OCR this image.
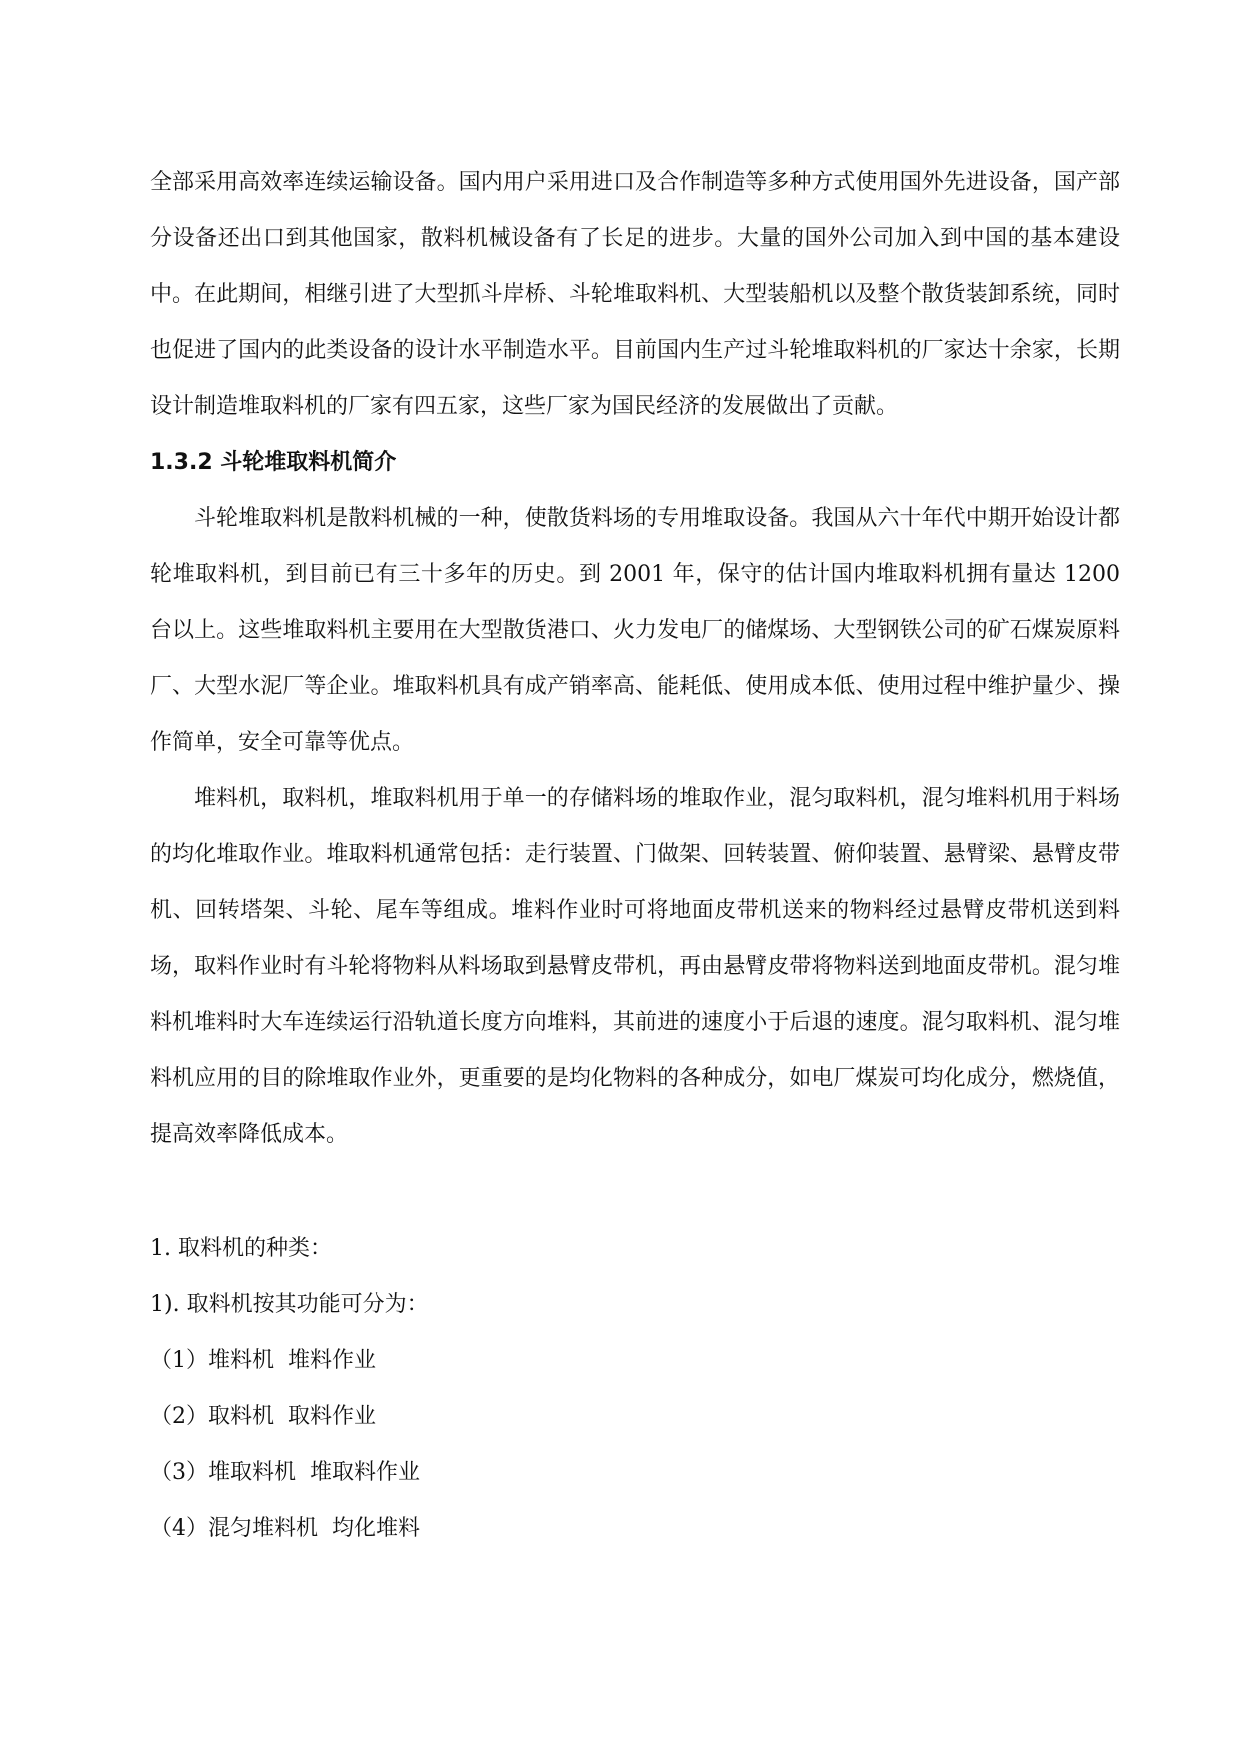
全部采用高效率连续运输设备。国内用户采用进口及合作制造等多种方式使用国外先进设备，国产部分设备还出口到其他国家，散料机械设备有了长足的进步。大量的国外公司加入到中国的基本建设中。在此期间，相继引进了大型抓斗岸桥、斗轮堆取料机、大型装船机以及整个散货装卸系统，同时也促进了国内的此类设备的设计水平制造水平。目前国内生产过斗轮堆取料机的厂家达十余家，长期设计制造堆取料机的厂家有四五家，这些厂家为国民经济的发展做出了贡献。

1.3.2 斗轮堆取料机简介

斗轮堆取料机是散料机械的一种，使散货料场的专用堆取设备。我国从六十年代中期开始设计都轮堆取料机，到目前已有三十多年的历史。到 2001 年，保守的估计国内堆取料机拥有量达 1200 台以上。这些堆取料机主要用在大型散货港口、火力发电厂的储煤场、大型钢铁公司的矿石煤炭原料厂、大型水泥厂等企业。堆取料机具有成产销率高、能耗低、使用成本低、使用过程中维护量少、操作简单，安全可靠等优点。

堆料机，取料机，堆取料机用于单一的存储料场的堆取作业，混匀取料机，混匀堆料机用于料场的均化堆取作业。堆取料机通常包括：走行装置、门做架、回转装置、俯仰装置、悬臂梁、悬臂皮带机、回转塔架、斗轮、尾车等组成。堆料作业时可将地面皮带机送来的物料经过悬臂皮带机送到料场，取料作业时有斗轮将物料从料场取到悬臂皮带机，再由悬臂皮带将物料送到地面皮带机。混匀堆料机堆料时大车连续运行沿轨道长度方向堆料，其前进的速度小于后退的速度。混匀取料机、混匀堆料机应用的目的除堆取作业外，更重要的是均化物料的各种成分，如电厂煤炭可均化成分，燃烧值，提高效率降低成本。

1. 取料机的种类：

1). 取料机按其功能可分为：

（1）堆料机  堆料作业

（2）取料机  取料作业

（3）堆取料机  堆取料作业

（4）混匀堆料机  均化堆料
